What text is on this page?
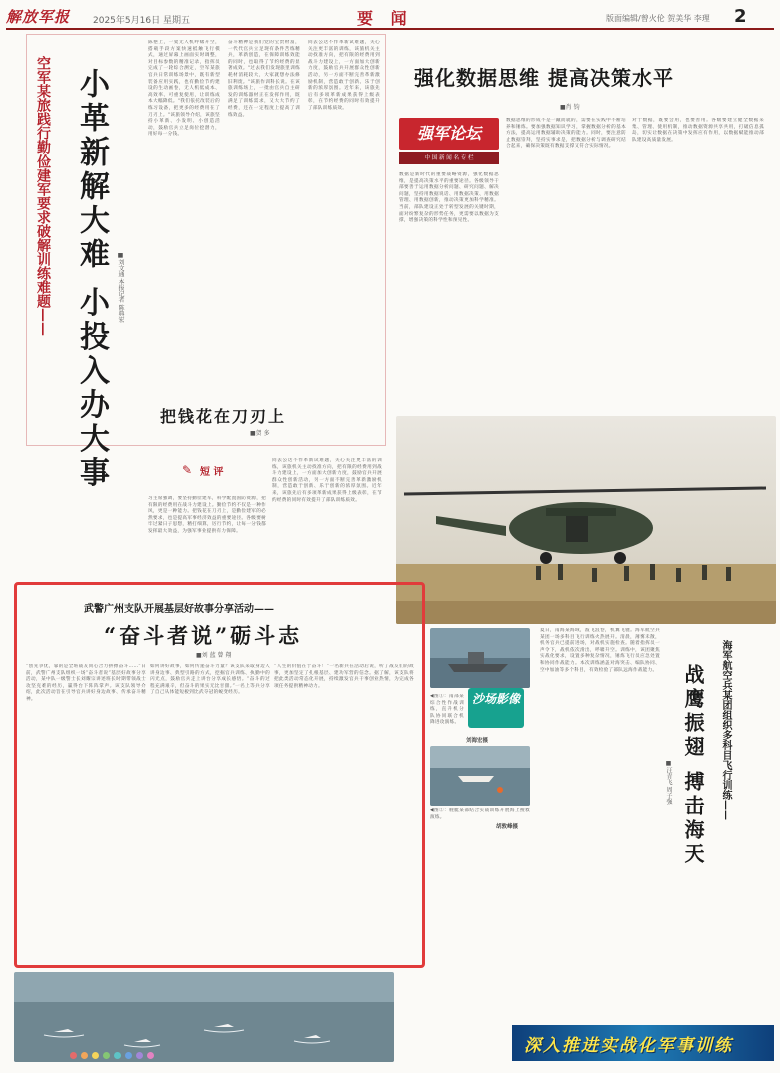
解放军报	2025年5月16日 星期五	要 闻	版面编辑/曾火伦 贺美华 李理 2
小革新解大难 小投入办大事
空军某旅践行勤俭建军要求破解训练难题——	■刘文通 本报记者 陈典宏
陈艳上，一架无人机呼啸升空，搭载手段方案快速抵触飞行模式，通过屏幕上画面实时调整，对目标参数的精准记录，指挥员完成了一轮综合测定，空军某旅官兵日常训练场景中，既有新型装备应用实践，也有勤俭节约建设的生动画卷，无人机低成本、高效率、可重复使用，让训练成本大幅降低。"我们依托改装后的练习设备，把更多的经费用在了刀刃上。"该旅领导介绍，该旅坚持小革新、小发明、小创造活动，鼓励官兵立足岗位挖潜力，用好每一分钱。
奋斗精神是我们党的宝贵财富，一代代官兵立足现有条件苦练精兵，革新创造，在保障训练效能的同时，也取得了节约经费的显著成效。"过去我们发现旅里训练耗材消耗较大，大家就想办法修旧利废。"该旅作训科长说。在该旅训练场上，一批由官兵自主研发的训练器材正在发挥作用，既满足了训练需求，又大大节约了经费，还在一定程度上提高了训练效益。
同去公达不作革新试难题，关心关注更丰富的训练，该旅机关主动找准方向，把有限的经费用到战斗力建设上，一方面加大创新力度，鼓励官兵开展群众性创新活动，另一方面不断完善革新激励机制，营造敢于创新、乐于创新的浓厚氛围。近年来，该旅先后有多项革新成果获得上级表彰，在节约经费的同时有效提升了部队训练质效。
把钱花在刀刃上
■贺 多
✎ 短 评
习主席强调，要坚持勤俭建军，科学配置国防资源，把有限的经费用在战斗力建设上。勤俭节约不仅是一种作风，更是一种能力。把钱花在刀刃上，是勤俭建军的必然要求，也是提高军事经济效益的重要途径。各级要树牢过紧日子思想，精打细算，厉行节约，让每一分钱都发挥最大效益，为强军事业提供有力保障。
同去公达不作革新试难题，关心关注更丰富的训练，该旅机关主动找准方向，把有限的经费用到战斗力建设上，一方面加大创新力度，鼓励官兵开展群众性创新活动，另一方面不断完善革新激励机制，营造敢于创新、乐于创新的浓厚氛围。近年来，该旅先后有多项革新成果获得上级表彰，在节约经费的同时有效提升了部队训练质效。
强化数据思维 提高决策水平
■肖 钧
强军论坛
中 国 新 闻 名 专 栏
数据是新时代的重要战略资源，强化数据思维，是提高决策水平的重要途径。各级领导干部要善于运用数据分析问题、研究问题、解决问题，坚持用数据说话、用数据决策、用数据管理、用数据创新，推动决策更加科学精准。当前，部队建设正处于转型发展的关键时期，面对纷繁复杂的形势任务，更需要以数据为支撑，增强决策的科学性和预见性。
数据思维的形成不是一蹴而就的，需要在实践中不断培养和锤炼。要加强数据知识学习，掌握数据分析的基本方法，提高运用数据辅助决策的能力。同时，要注意防止数据崇拜，坚持实事求是，把数据分析与调查研究结合起来，确保决策既有数据支撑又符合实际情况。
对于数据，既要会用，也要善用。各级要建立健全数据采集、管理、使用机制，推动数据资源共享共用，打破信息孤岛，切实让数据在决策中发挥应有作用，以数据赋能推动部队建设高质量发展。
武警广州支队开展基层好故事分享活动——
“奋斗者说”砺斗志
■刘 蓝 曾 翔
“创先争优，靠的是全班战友同心合力拼搏奋斗……”日前，武警广州支队组织一场“奋斗者说”基层好故事分享活动，某中队一级警士长刘耀宗讲述班长时期带领战士攻坚克难的经历，赢得台下阵阵掌声。该支队领导介绍，此次活动旨在引导官兵讲好身边故事、传承奋斗精神。
如何讲好故事，如何传递奋斗力量？该支队采取身边人讲身边事、典型引路的方式，挖掘官兵训练、执勤中的闪光点，鼓励官兵走上讲台分享成长感悟。“奋斗的过程充满艰辛，但奋斗的果实无比甘甜。”一名上等兵分享了自己从体能短板到比武夺冠的蜕变经历。
“人生的价值在于奋斗！”一名新兵在活动后说，听了战友们的故事，更加坚定了扎根基层、建功军营的信念。据了解，该支队将把此类活动常态化开展，持续激发官兵干事创业热情，为完成各项任务提供精神动力。
沙场影像
◀图①：南部某综合性作战训练，直升机分队协同联合机降进攻演练。
刘海宏摄
◀图②：舰艇某部结合实战训练开展海上搜救演练。
胡敦峰摄
夏日，南海某海域，波飞浪卷，机翼飞驰。海军航空兵某团一场多科目飞行训练火热展开。清晨，薄雾未散，机务官兵已提前进场，对战机实施检查。随着指挥员一声令下，战机依次滑出，呼啸升空。训练中，该团聚焦实战化要求，设置多种复杂情况，锤炼飞行员应急处置和协同作战能力。本次训练涵盖对海突击、编队协同、空中加油等多个科目，有效检验了部队远海作战能力。	海军航空兵某团组织多科目飞行训练——
战鹰振翅 搏击海天
■汪青飞 周子强
深入推进实战化军事训练
